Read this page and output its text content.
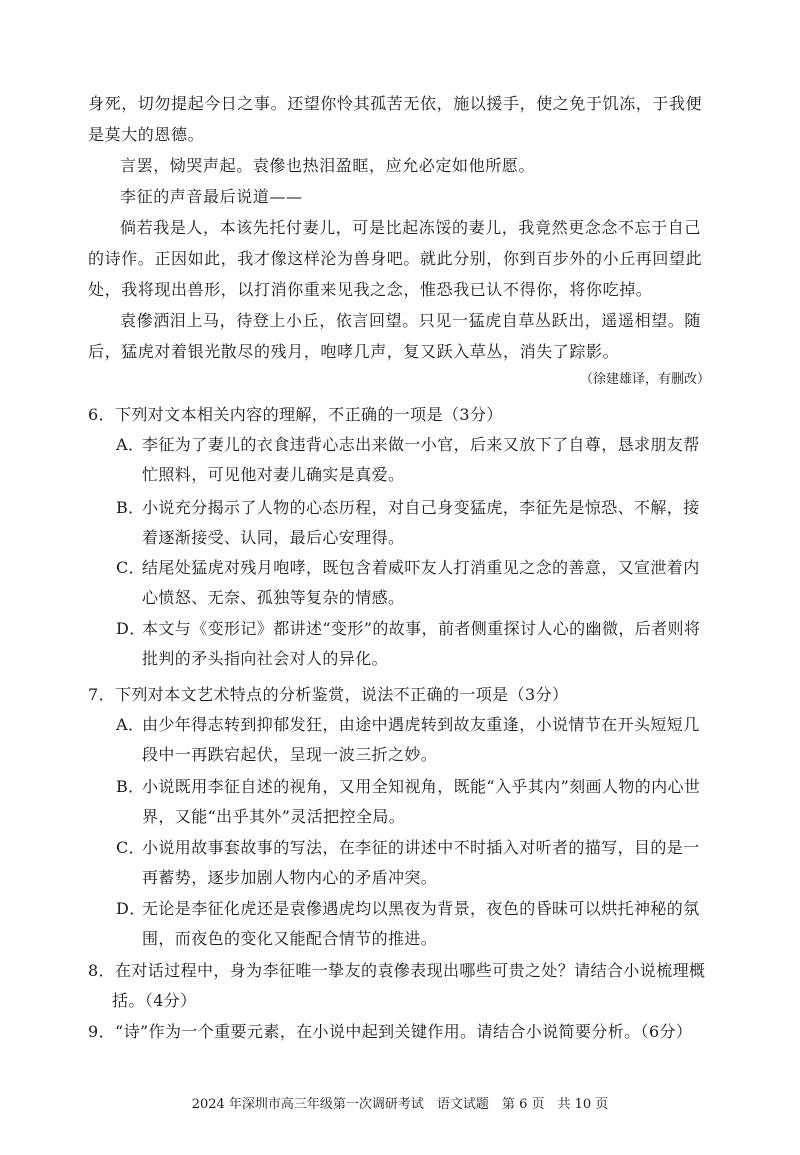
身死，切勿提起今日之事。还望你怜其孤苦无依，施以援手，使之免于饥冻，于我便是莫大的恩德。

言罢，恸哭声起。袁傪也热泪盈眶，应允必定如他所愿。

李征的声音最后说道——

倘若我是人，本该先托付妻儿，可是比起冻馁的妻儿，我竟然更念念不忘于自己的诗作。正因如此，我才像这样沦为兽身吧。就此分别，你到百步外的小丘再回望此处，我将现出兽形，以打消你重来见我之念，惟恐我已认不得你，将你吃掉。

袁傪洒泪上马，待登上小丘，依言回望。只见一猛虎自草丛跃出，遥遥相望。随后，猛虎对着银光散尽的残月，咆哮几声，复又跃入草丛，消失了踪影。

（徐建雄译，有删改）

6．下列对文本相关内容的理解，不正确的一项是（3分）

A．李征为了妻儿的衣食违背心志出来做一小官，后来又放下了自尊，恳求朋友帮忙照料，可见他对妻儿确实是真爱。

B．小说充分揭示了人物的心态历程，对自己身变猛虎，李征先是惊恐、不解，接着逐渐接受、认同，最后心安理得。

C．结尾处猛虎对残月咆哮，既包含着威吓友人打消重见之念的善意，又宣泄着内心愤怒、无奈、孤独等复杂的情感。

D．本文与《变形记》都讲述“变形”的故事，前者侧重探讨人心的幽微，后者则将批判的矛头指向社会对人的异化。

7．下列对本文艺术特点的分析鉴赏，说法不正确的一项是（3分）

A．由少年得志转到抑郁发狂，由途中遇虎转到故友重逢，小说情节在开头短短几段中一再跌宕起伏，呈现一波三折之妙。

B．小说既用李征自述的视角，又用全知视角，既能“入乎其内”刻画人物的内心世界，又能“出乎其外”灵活把控全局。

C．小说用故事套故事的写法，在李征的讲述中不时插入对听者的描写，目的是一再蓄势，逐步加剧人物内心的矛盾冲突。

D．无论是李征化虎还是袁傪遇虎均以黑夜为背景，夜色的昏昧可以烘托神秘的氛围，而夜色的变化又能配合情节的推进。

8．在对话过程中，身为李征唯一挚友的袁傪表现出哪些可贵之处？请结合小说梳理概括。（4分）

9．“诗”作为一个重要元素，在小说中起到关键作用。请结合小说简要分析。（6分）

2024 年深圳市高三年级第一次调研考试　语文试题　第 6 页　共 10 页
